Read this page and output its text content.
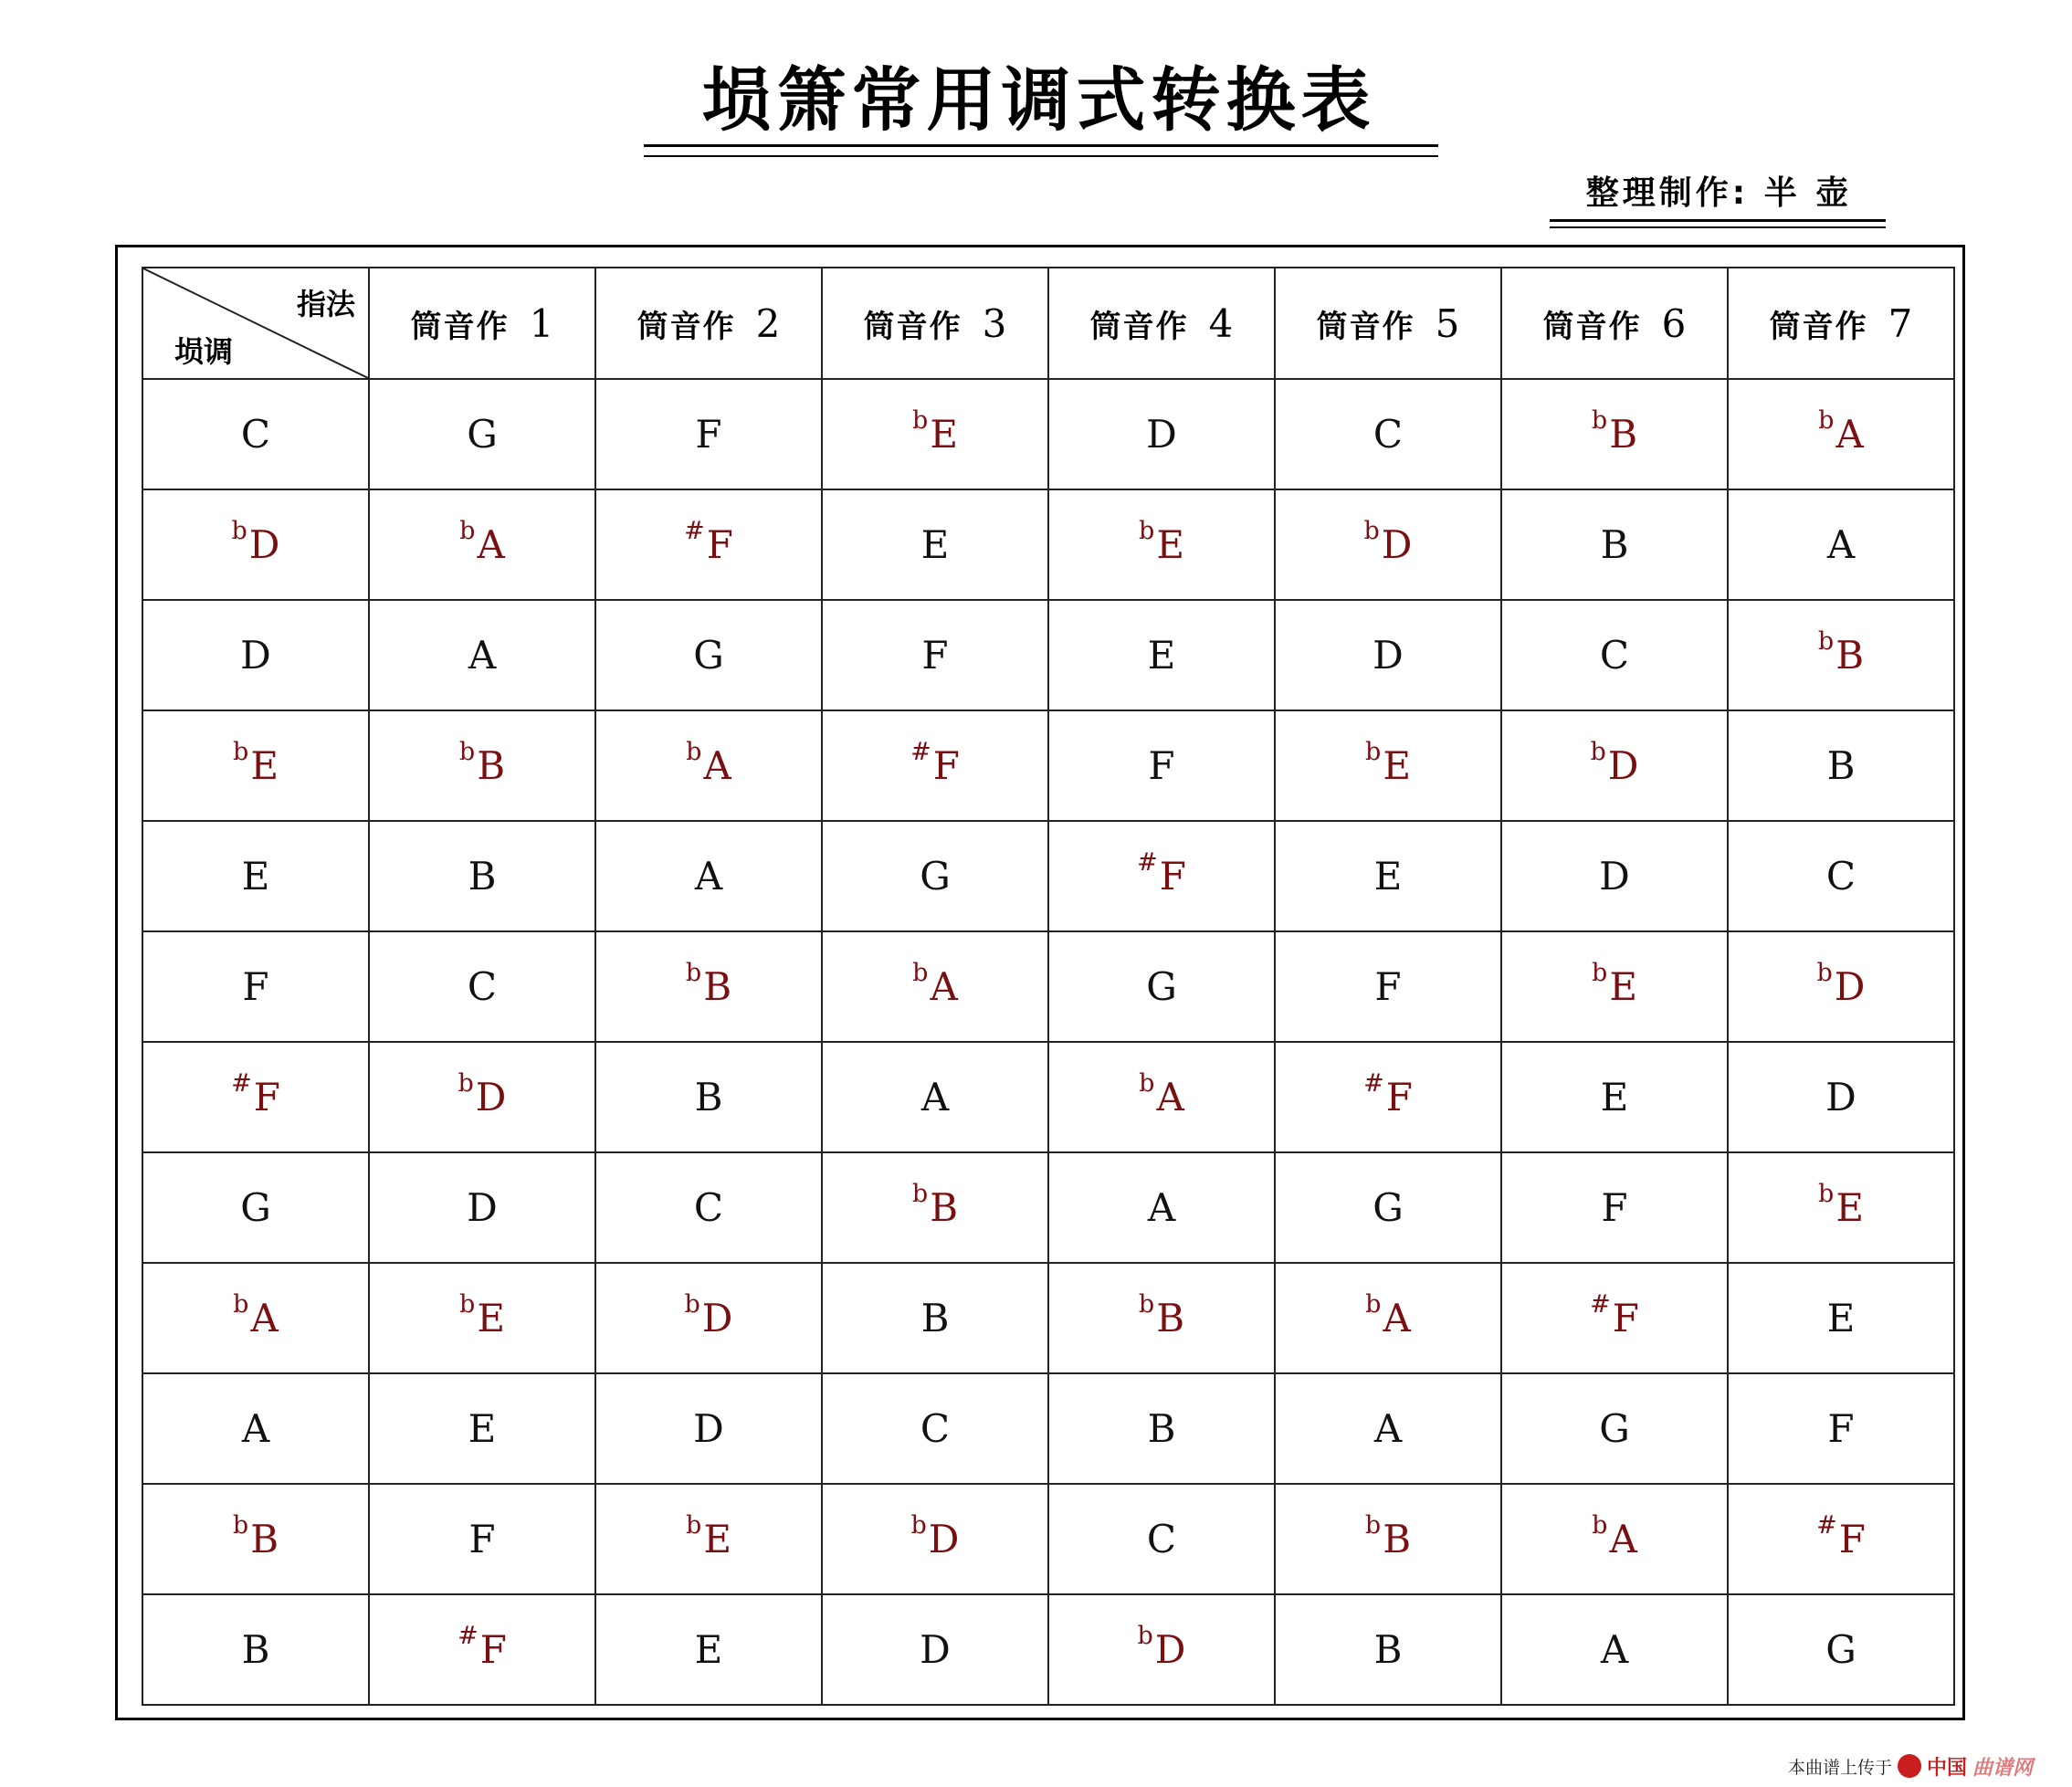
埙箫常用调式转换表
整理制作: 半 壶
指法
埙调	筒音作 1	筒音作 2	筒音作 3	筒音作 4	筒音作 5	筒音作 6	筒音作 7

C	G	F	$^b$E	D	C	$^b$B	$^b$A
$^b$D	$^b$A	#F	E	$^b$E	$^b$D	B	A
D	A	G	F	E	D	C	$^b$B
$^b$E	$^b$B	$^b$A	#F	F	$^b$E	$^b$D	B
E	B	A	G	#F	E	D	C
F	C	$^b$B	$^b$A	G	F	$^b$E	$^b$D
#F	$^b$D	B	A	$^b$A	#F	E	D
G	D	C	$^b$B	A	G	F	$^b$E
$^b$A	$^b$E	$^b$D	B	$^b$B	$^b$A	#F	E
A	E	D	C	B	A	G	F
$^b$B	F	$^b$E	$^b$D	C	$^b$B	$^b$A	#F
B	#F	E	D	$^b$D	B	A	G
本曲谱上传于 中国 曲谱网
